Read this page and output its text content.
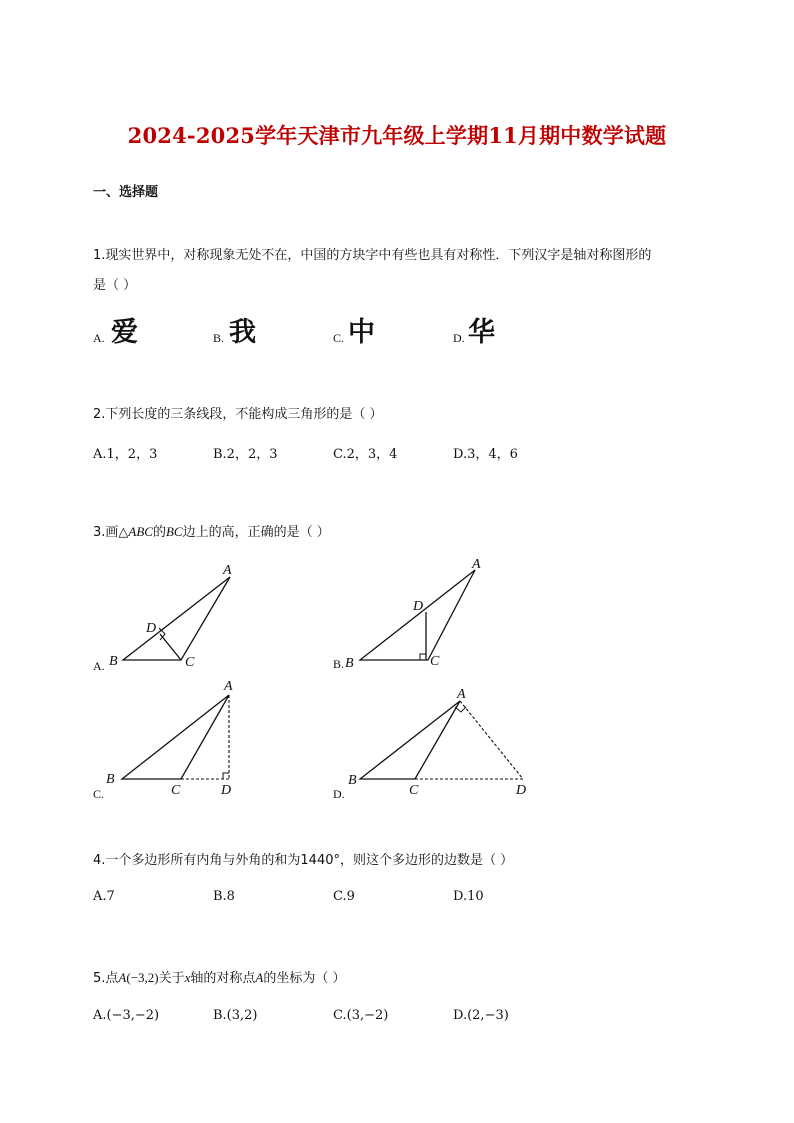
2024-2025学年天津市九年级上学期11月期中数学试题
一、选择题
1.现实世界中，对称现象无处不在，中国的方块字中有些也具有对称性．下列汉字是轴对称图形的
是（ ）
A. 爱	B. 我	C. 中	D. 华
2.下列长度的三条线段，不能构成三角形的是（ ）
A.1，2，3	B.2，2，3	C.2，3，4	D.3，4，6
3.画△ABC的BC边上的高，正确的是（ ）
A.
A
B	C
D
B.
A
B	C
D
C.
A
B
C	D	D.
A
B
C	D
4.一个多边形所有内角与外角的和为1440°，则这个多边形的边数是（ ）
A.7	B.8	C.9	D.10
5.点A(−3,2)关于x轴的对称点A的坐标为（ ）
A.(−3,−2)	B.(3,2)	C.(3,−2)	D.(2,−3)
